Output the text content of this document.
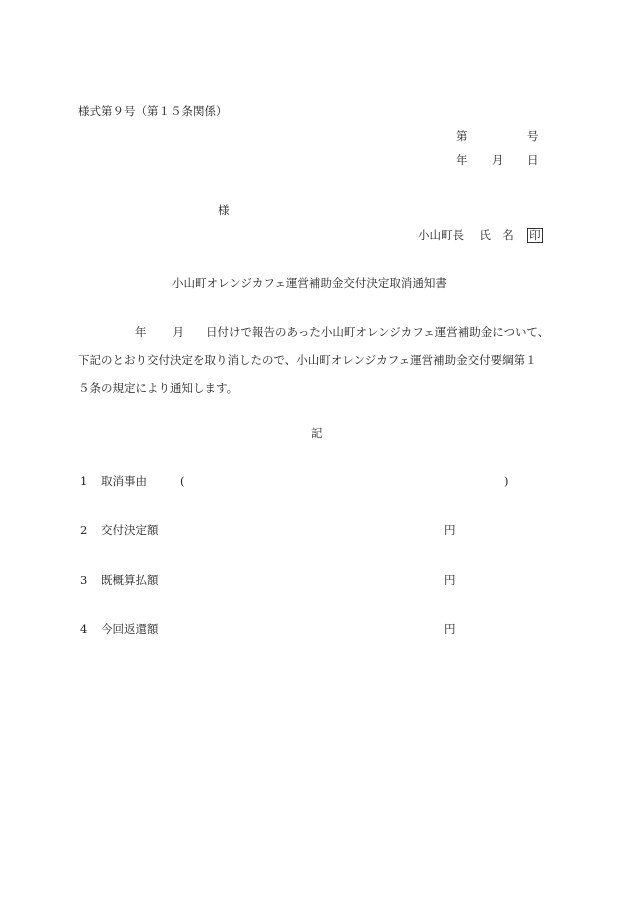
様式第９号（第１５条関係）
第	号
年 月 日
様
小山町長 氏　名 印
小山町オレンジカフェ運営補助金交付決定取消通知書
年 月 日付けで報告のあった小山町オレンジカフェ運営補助金について、
下記のとおり交付決定を取り消したので、小山町オレンジカフェ運営補助金交付要綱第１
５条の規定により通知します。
記
1 取消事由	(	)
2 交付決定額	円
3 既概算払額	円
4 今回返還額	円
